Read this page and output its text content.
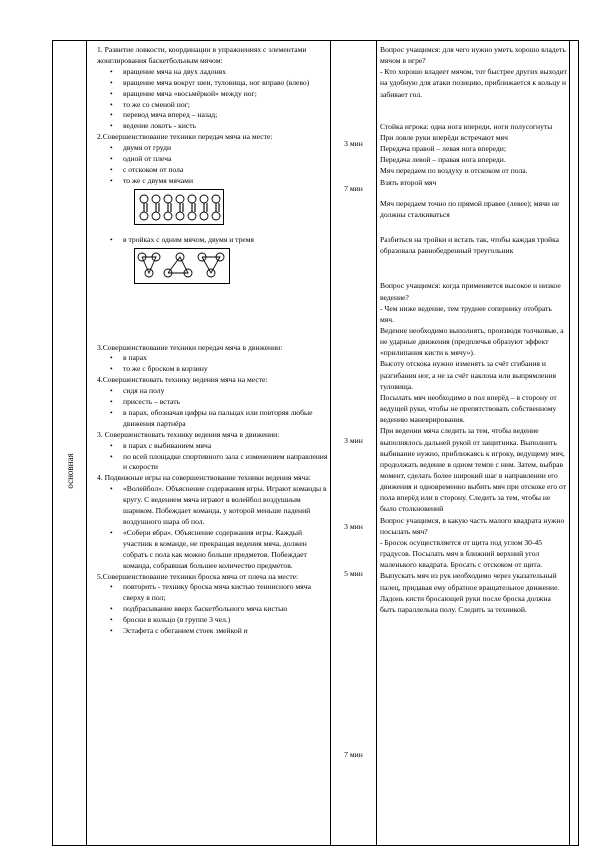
основная

1. Развитие ловкости, координации в упражнениях с элементами жонглирования баскетбольным мячом:

• вращение мяча на двух ладонях
• вращение мяча вокруг шеи, туловища, ног вправо (влево)
• вращение мяча «восьмёркой» между ног;
• то же со сменой ног;
• перевод мяча вперед – назад;
• ведение локоть - кисть

2.Совершенствование техники передач мяча на месте:

• двумя от груди
• одной от плеча
• с отскоком от пола
• то же с двумя мячами
• в тройках с одним мячом, двумя и тремя

3.Совершенствование техники передач мяча в движении:

• в парах
• то же с броском в корзину

4.Совершенствовать технику ведения мяча на месте:

• сидя на полу
• присесть – встать
• в парах, обозначая цифры на пальцах или повторяя любые движения партнёра

3. Совершенствовать технику ведения мяча в движении:

• в парах с выбиванием мяча
• по всей площадке спортивного зала с изменением направления и скорости

4. Подвижные игры на совершенствование техники ведения мяча:

• «Волейбол». Объяснение содержания игры. Играют команды в кругу. С ведением мяча играют в волейбол воздушным шариком. Побеждает команда, у которой меньше падений воздушного шара об пол.
• «Собери ябра». Объяснение содержания игры. Каждый участник в команде, не прекращая ведения мяча, должен собрать с пола как можно больше предметов. Побеждает команда, собравшая большее количество предметов.

5.Совершенствование техники броска мяча от плеча на месте:

• повторить - технику броска мяча кистью теннисного мяча сверху в пол;
• подбрасывание вверх баскетбольного мяча кистью
• броски в кольцо (в группе 3 чел.)
• Эстафета с обеганием стоек змейкой и
3 мин
7 мин
3 мин
3 мин
5 мин
7 мин

Вопрос учащимся: для чего нужно уметь хорошо владеть мячом в игре?

- Кто хорошо владеет мячом, тот быстрее других выходит на удобную для атаки позицию, приближается к кольцу и забивает гол.

Стойка игрока: одна нога впереди, ноги полусогнуты

При ловле руки вперёди встречают мяч

Передача правой – левая нога впереди;

Передача левой – правая нога впереди.

Мяч передаем по воздуху и отскоком от пола.

Взять второй мяч

Мяч передаем точно по прямой правее (левее); мячи не должны сталкиваться

Разбиться на тройки и встать так, чтобы каждая тройка образовала равнобедренный треугольник

Вопрос учащимся: когда применяется высокое и низкое ведение?

- Чем ниже ведение, тем труднее сопернику отобрать мяч.

Ведение необходимо выполнять, производя толчковые, а не ударные движения (предплечья образуют эффект «прилипания кисти к мячу»).

Высоту отскока нужно изменять за счёт сгибания и разгибания ног, а не за счёт наклона или выпрямления туловища.

Посылать мяч необходимо в пол вперёд – в сторону от ведущей руки, чтобы не препятствовать собственному ведению маневрирования.

При ведении мяча следить за тем, чтобы ведение выполнялось дальней рукой от защитника. Выполнить выбивание нужно, приближаясь к игроку, ведущему мяч, продолжать ведение в одном темпе с ним. Затем, выбрав момент, сделать более широкий шаг в направлении его движения и одновременно выбить мяч при отскоке его от пола вперёд или в сторону. Следить за тем, чтобы не было столкновений

Вопрос учащимся, в какую часть малого квадрата нужно посылать мяч?

- Бросок осуществляется от щита под углом 30-45 градусов. Посылать мяч в ближний верхний угол маленького квадрата. Бросать с отскоком от щита.

Выпускать мяч из рук необходимо через указательный палец, придавая ему обратное вращательное движение. Ладонь кисти бросающей руки после броска должна быть параллельна полу. Следить за техникой.
